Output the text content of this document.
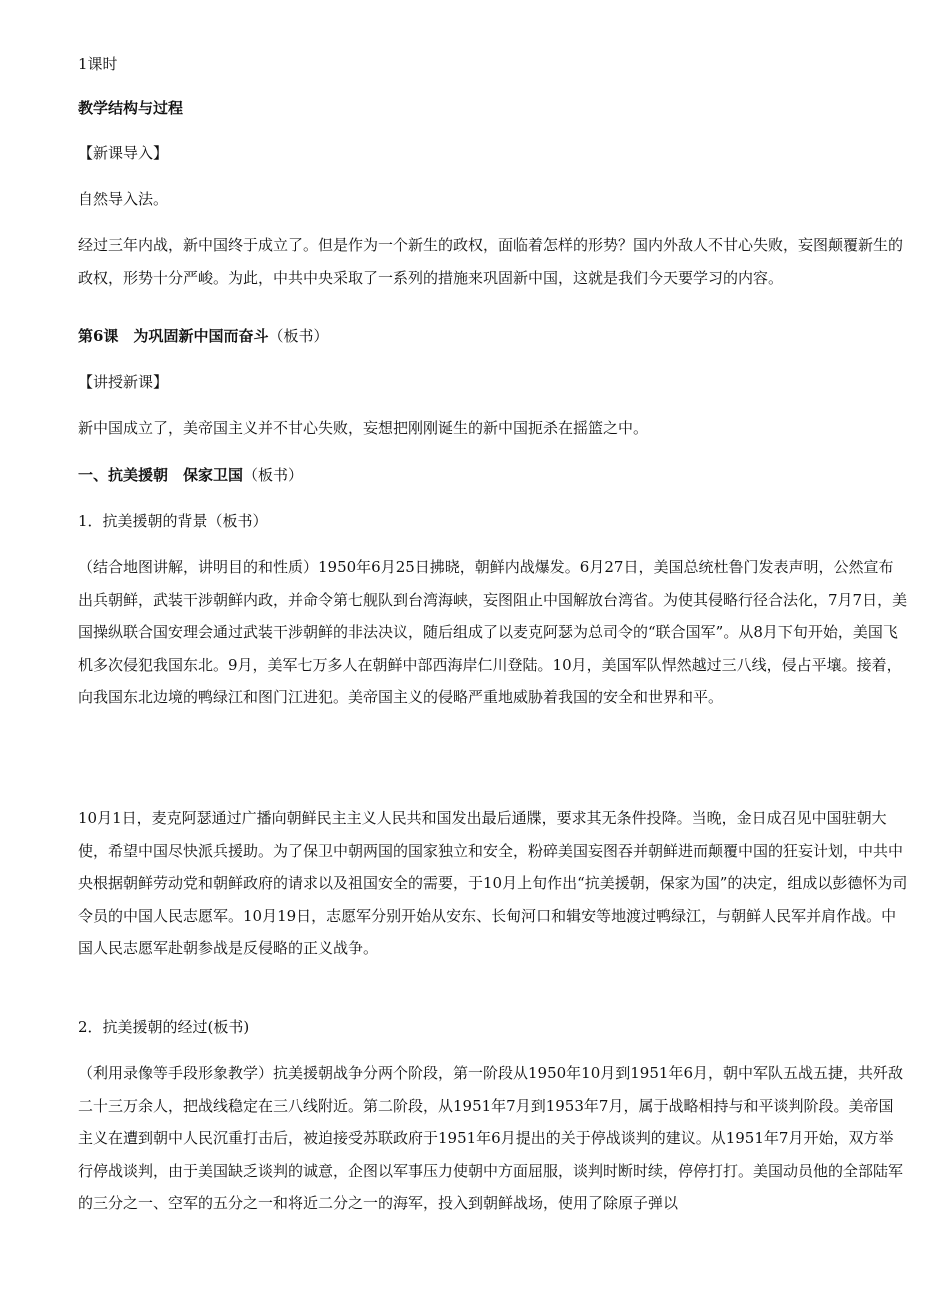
1课时

教学结构与过程

【新课导入】

自然导入法。

经过三年内战，新中国终于成立了。但是作为一个新生的政权，面临着怎样的形势？国内外敌人不甘心失败，妄图颠覆新生的政权，形势十分严峻。为此，中共中央采取了一系列的措施来巩固新中国，这就是我们今天要学习的内容。

第6课　为巩固新中国而奋斗（板书）

【讲授新课】

新中国成立了，美帝国主义并不甘心失败，妄想把刚刚诞生的新中国扼杀在摇篮之中。

一、抗美援朝　保家卫国（板书）

1．抗美援朝的背景（板书）

（结合地图讲解，讲明目的和性质）1950年6月25日拂晓，朝鲜内战爆发。6月27日，美国总统杜鲁门发表声明，公然宣布出兵朝鲜，武装干涉朝鲜内政，并命令第七舰队到台湾海峡，妄图阻止中国解放台湾省。为使其侵略行径合法化，7月7日，美国操纵联合国安理会通过武装干涉朝鲜的非法决议，随后组成了以麦克阿瑟为总司令的“联合国军”。从8月下旬开始，美国飞机多次侵犯我国东北。9月，美军七万多人在朝鲜中部西海岸仁川登陆。10月，美国军队悍然越过三八线，侵占平壤。接着，向我国东北边境的鸭绿江和图门江进犯。美帝国主义的侵略严重地威胁着我国的安全和世界和平。

10月1日，麦克阿瑟通过广播向朝鲜民主主义人民共和国发出最后通牒，要求其无条件投降。当晚，金日成召见中国驻朝大使，希望中国尽快派兵援助。为了保卫中朝两国的国家独立和安全，粉碎美国妄图吞并朝鲜进而颠覆中国的狂妄计划，中共中央根据朝鲜劳动党和朝鲜政府的请求以及祖国安全的需要，于10月上旬作出“抗美援朝，保家为国”的决定，组成以彭德怀为司令员的中国人民志愿军。10月19日，志愿军分别开始从安东、长甸河口和辑安等地渡过鸭绿江，与朝鲜人民军并肩作战。中国人民志愿军赴朝参战是反侵略的正义战争。

2．抗美援朝的经过(板书)

（利用录像等手段形象教学）抗美援朝战争分两个阶段，第一阶段从1950年10月到1951年6月，朝中军队五战五捷，共歼敌二十三万余人，把战线稳定在三八线附近。第二阶段，从1951年7月到1953年7月，属于战略相持与和平谈判阶段。美帝国主义在遭到朝中人民沉重打击后，被迫接受苏联政府于1951年6月提出的关于停战谈判的建议。从1951年7月开始，双方举行停战谈判，由于美国缺乏谈判的诚意，企图以军事压力使朝中方面屈服，谈判时断时续，停停打打。美国动员他的全部陆军的三分之一、空军的五分之一和将近二分之一的海军，投入到朝鲜战场，使用了除原子弹以
